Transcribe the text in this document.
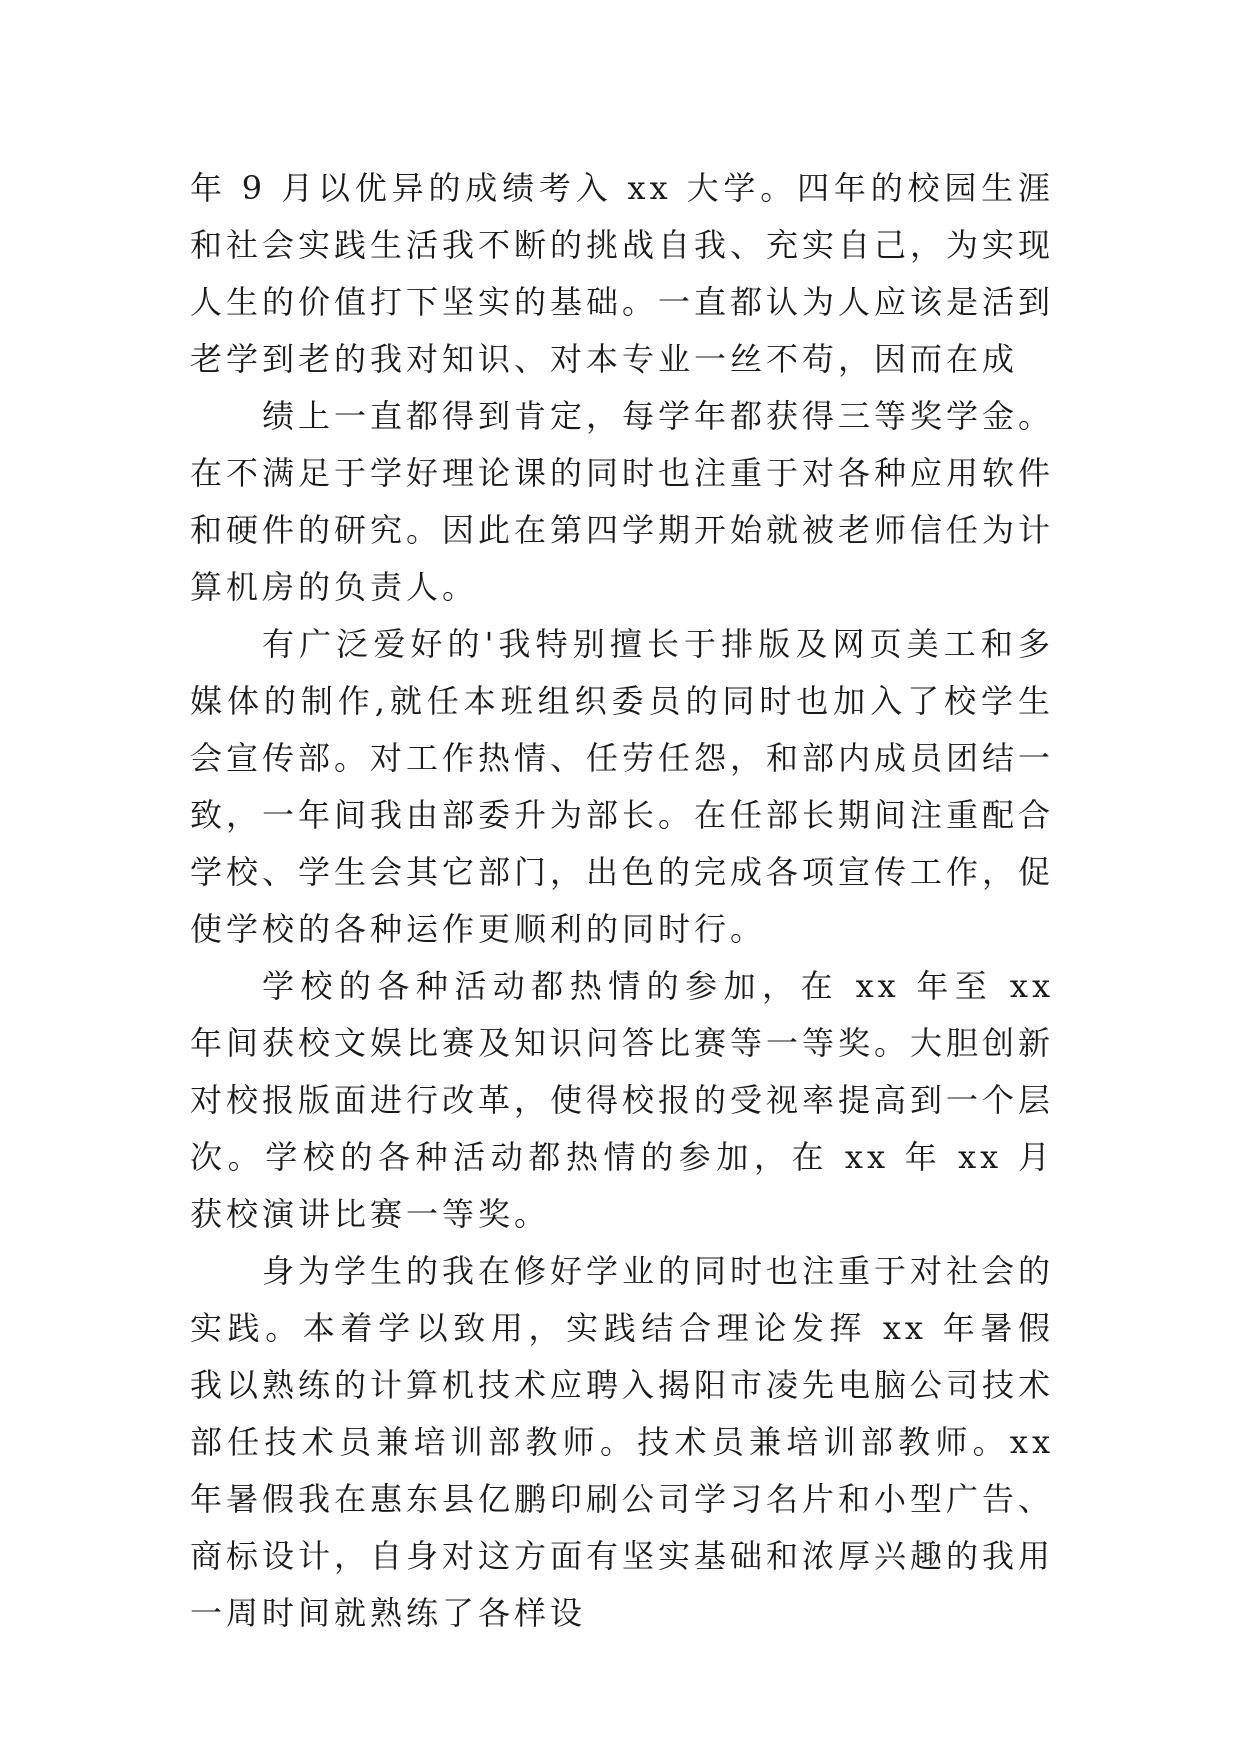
年 9 月以优异的成绩考入 xx 大学。四年的校园生涯和社会实践生活我不断的挑战自我、充实自己，为实现人生的价值打下坚实的基础。一直都认为人应该是活到老学到老的我对知识、对本专业一丝不苟，因而在成

绩上一直都得到肯定，每学年都获得三等奖学金。在不满足于学好理论课的同时也注重于对各种应用软件和硬件的研究。因此在第四学期开始就被老师信任为计算机房的负责人。

有广泛爱好的'我特别擅长于排版及网页美工和多媒体的制作,就任本班组织委员的同时也加入了校学生会宣传部。对工作热情、任劳任怨，和部内成员团结一致，一年间我由部委升为部长。在任部长期间注重配合学校、学生会其它部门，出色的完成各项宣传工作，促使学校的各种运作更顺利的同时行。

学校的各种活动都热情的参加，在 xx 年至 xx 年间获校文娱比赛及知识问答比赛等一等奖。大胆创新对校报版面进行改革，使得校报的受视率提高到一个层次。学校的各种活动都热情的参加，在 xx 年 xx 月获校演讲比赛一等奖。

身为学生的我在修好学业的同时也注重于对社会的实践。本着学以致用，实践结合理论发挥 xx 年暑假我以熟练的计算机技术应聘入揭阳市凌先电脑公司技术部任技术员兼培训部教师。技术员兼培训部教师。xx 年暑假我在惠东县亿鹏印刷公司学习名片和小型广告、商标设计，自身对这方面有坚实基础和浓厚兴趣的我用一周时间就熟练了各样设
